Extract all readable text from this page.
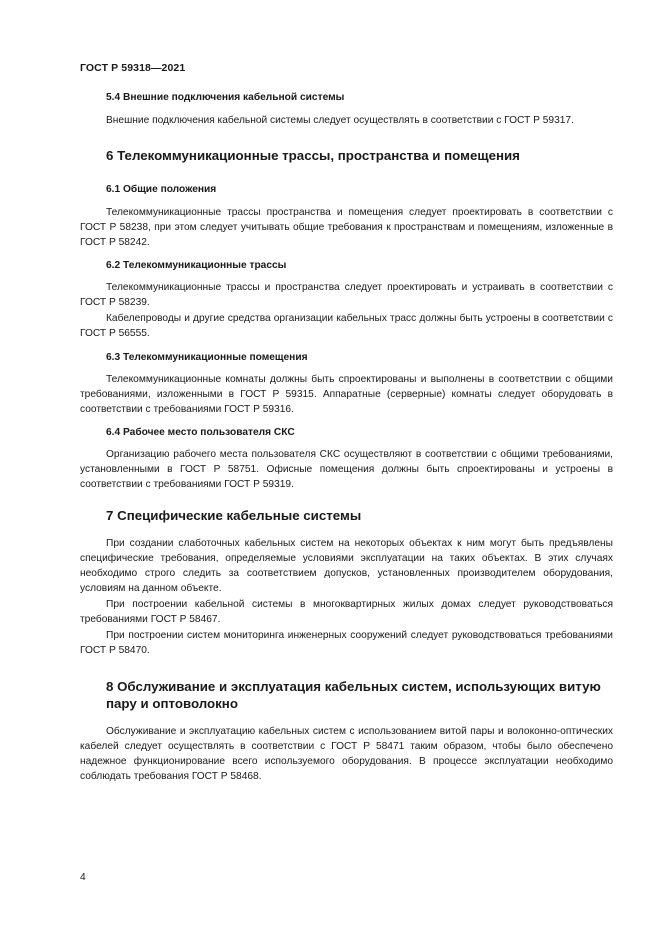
ГОСТ Р 59318—2021
5.4 Внешние подключения кабельной системы

Внешние подключения кабельной системы следует осуществлять в соответствии с ГОСТ Р 59317.

6 Телекоммуникационные трассы, пространства и помещения
6.1 Общие положения

Телекоммуникационные трассы пространства и помещения следует проектировать в соответствии с ГОСТ Р 58238, при этом следует учитывать общие требования к пространствам и помещениям, изложенные в ГОСТ Р 58242.

6.2 Телекоммуникационные трассы

Телекоммуникационные трассы и пространства следует проектировать и устраивать в соответствии с ГОСТ Р 58239.

Кабелепроводы и другие средства организации кабельных трасс должны быть устроены в соответствии с ГОСТ Р 56555.

6.3 Телекоммуникационные помещения

Телекоммуникационные комнаты должны быть спроектированы и выполнены в соответствии с общими требованиями, изложенными в ГОСТ Р 59315. Аппаратные (серверные) комнаты следует оборудовать в соответствии с требованиями ГОСТ Р 59316.

6.4 Рабочее место пользователя СКС

Организацию рабочего места пользователя СКС осуществляют в соответствии с общими требованиями, установленными в ГОСТ Р 58751. Офисные помещения должны быть спроектированы и устроены в соответствии с требованиями ГОСТ Р 59319.

7 Специфические кабельные системы

При создании слаботочных кабельных систем на некоторых объектах к ним могут быть предъявлены специфические требования, определяемые условиями эксплуатации на таких объектах. В этих случаях необходимо строго следить за соответствием допусков, установленных производителем оборудования, условиям на данном объекте.

При построении кабельной системы в многоквартирных жилых домах следует руководствоваться требованиями ГОСТ Р 58467.

При построении систем мониторинга инженерных сооружений следует руководствоваться требованиями ГОСТ Р 58470.

8 Обслуживание и эксплуатация кабельных систем, использующих витую пару и оптоволокно

Обслуживание и эксплуатацию кабельных систем с использованием витой пары и волоконно-оптических кабелей следует осуществлять в соответствии с ГОСТ Р 58471 таким образом, чтобы было обеспечено надежное функционирование всего используемого оборудования. В процессе эксплуатации необходимо соблюдать требования ГОСТ Р 58468.

4
